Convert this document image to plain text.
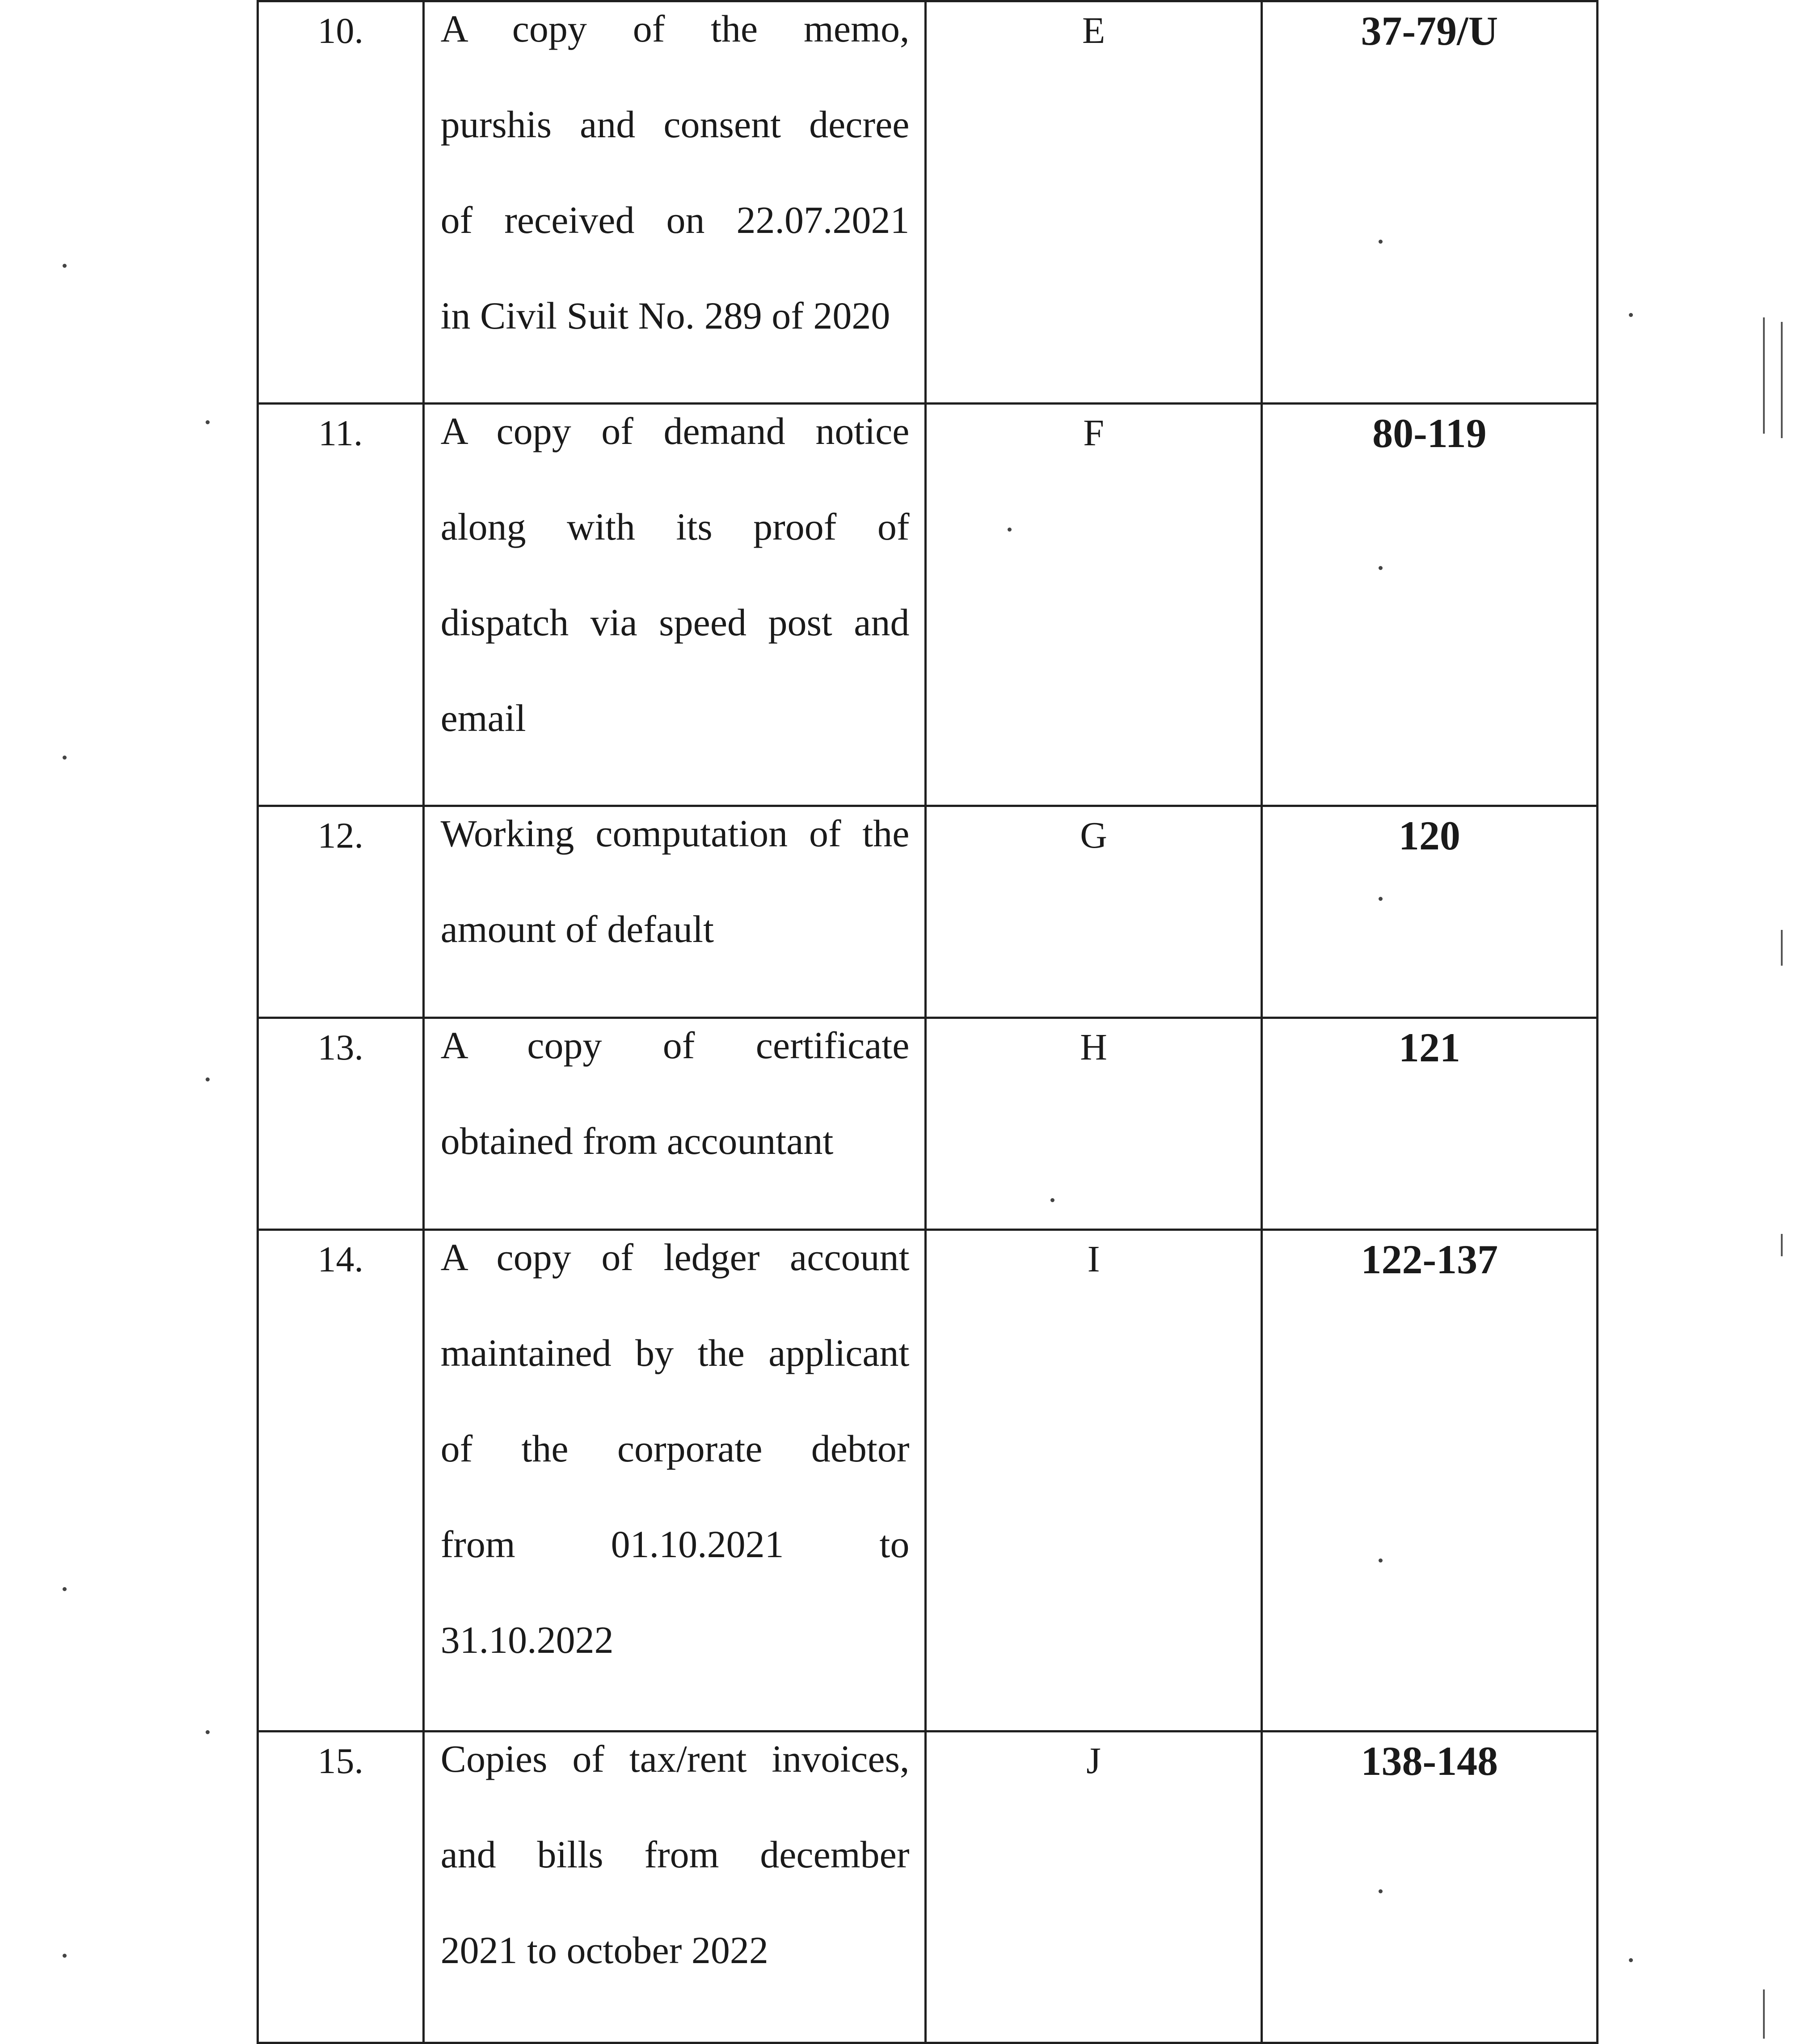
10.	A copy of the memo,
purshis and consent decree
of received on 22.07.2021
in Civil Suit No. 289 of 2020	E	37-79/U
11.	A copy of demand notice
along with its proof of
dispatch via speed post and
email	F	80-119
12.	Working computation of the
amount of default	G	120
13.	A copy of certificate
obtained from accountant	H	121
14.	A copy of ledger account
maintained by the applicant
of the corporate debtor
from 01.10.2021 to
31.10.2022	I	122-137
15.	Copies of tax/rent invoices,
and bills from december
2021 to october 2022	J	138-148
